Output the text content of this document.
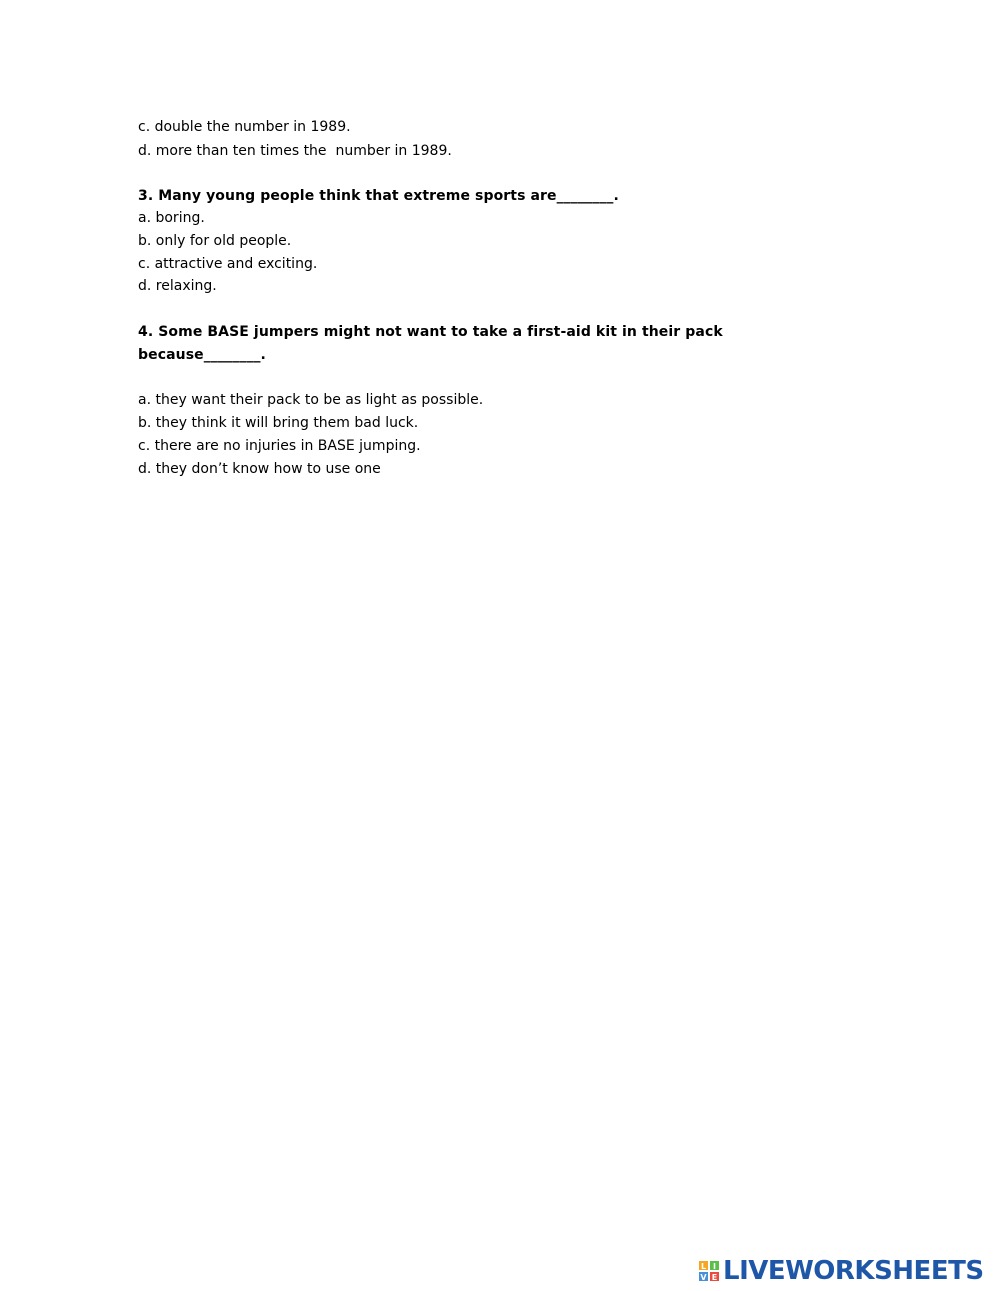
c. double the number in 1989.
d. more than ten times the  number in 1989.
3. Many young people think that extreme sports are________.
a. boring.
b. only for old people.
c. attractive and exciting.
d. relaxing.
4. Some BASE jumpers might not want to take a first-aid kit in their pack
because________.
a. they want their pack to be as light as possible.
b. they think it will bring them bad luck.
c. there are no injuries in BASE jumping.
d. they don’t know how to use one
L I
V E LIVEWORKSHEETS
